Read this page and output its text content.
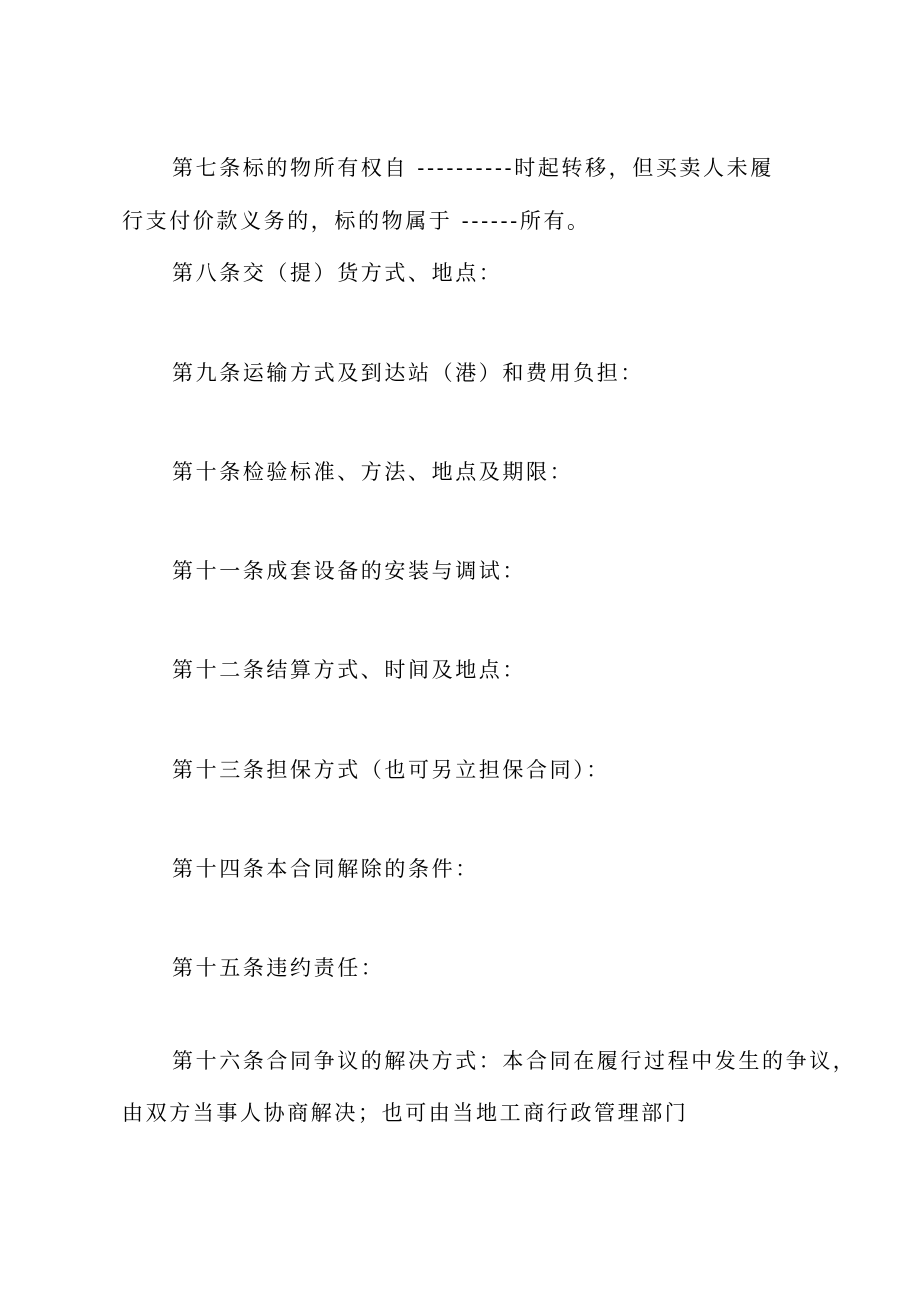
第七条标的物所有权自 ----------时起转移，但买卖人未履
行支付价款义务的，标的物属于 ------所有。
第八条交（提）货方式、地点：
第九条运输方式及到达站（港）和费用负担：
第十条检验标准、方法、地点及期限：
第十一条成套设备的安装与调试：
第十二条结算方式、时间及地点：
第十三条担保方式（也可另立担保合同）：
第十四条本合同解除的条件：
第十五条违约责任：
第十六条合同争议的解决方式：本合同在履行过程中发生的争议，
由双方当事人协商解决；也可由当地工商行政管理部门
